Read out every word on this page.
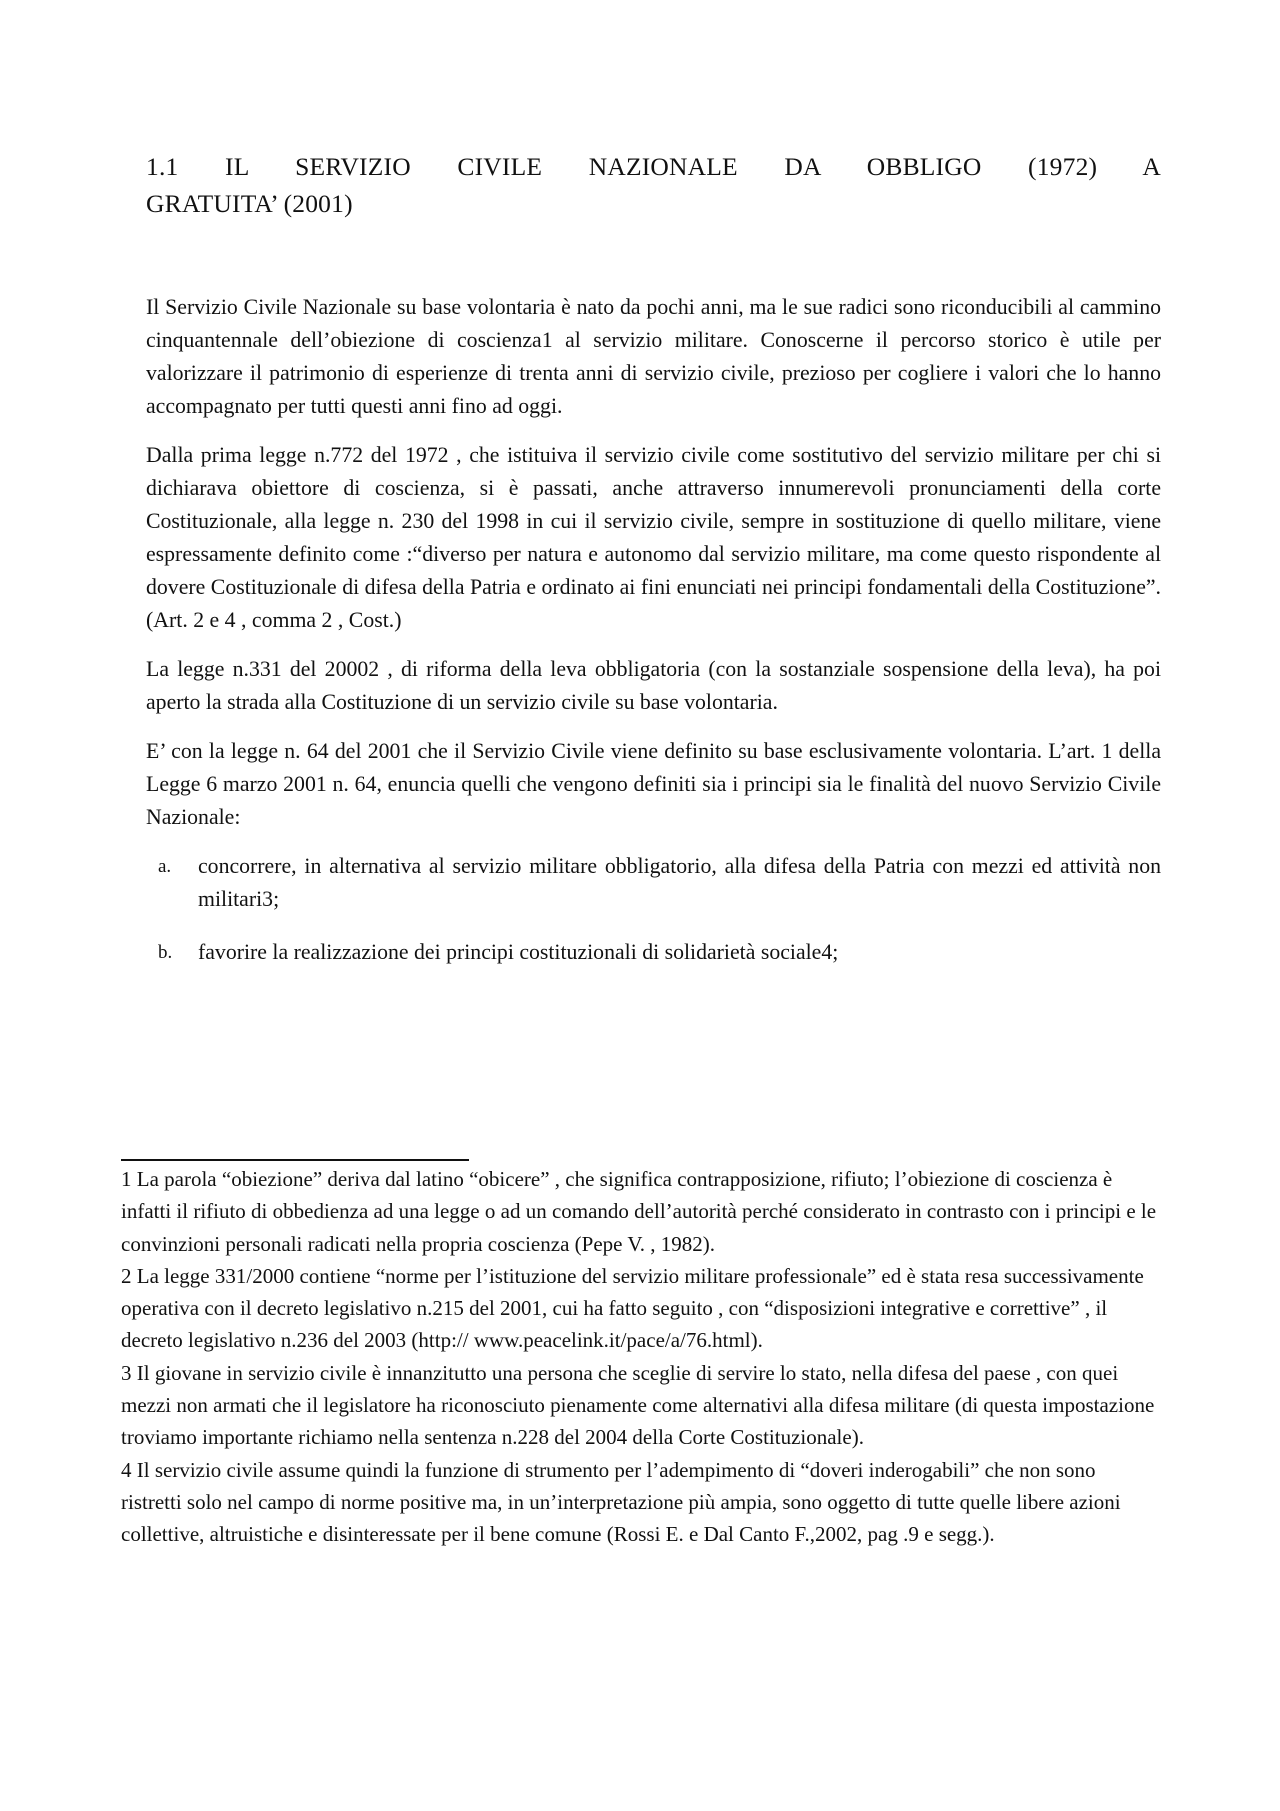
1.1 IL SERVIZIO CIVILE NAZIONALE DA OBBLIGO (1972) A
GRATUITA’ (2001)

Il Servizio Civile Nazionale su base volontaria è nato da pochi anni, ma le sue radici sono riconducibili al cammino cinquantennale dell’obiezione di coscienza1 al servizio militare. Conoscerne il percorso storico è utile per valorizzare il patrimonio di esperienze di trenta anni di servizio civile, prezioso per cogliere i valori che lo hanno accompagnato per tutti questi anni fino ad oggi.

Dalla prima legge n.772 del 1972 , che istituiva il servizio civile come sostitutivo del servizio militare per chi si dichiarava obiettore di coscienza, si è passati, anche attraverso innumerevoli pronunciamenti della corte Costituzionale, alla legge n. 230 del 1998 in cui il servizio civile, sempre in sostituzione di quello militare, viene espressamente definito come :“diverso per natura e autonomo dal servizio militare, ma come questo rispondente al dovere Costituzionale di difesa della Patria e ordinato ai fini enunciati nei principi fondamentali della Costituzione”. (Art. 2 e 4 , comma 2 , Cost.)

La legge n.331 del 20002 , di riforma della leva obbligatoria (con la sostanziale sospensione della leva), ha poi aperto la strada alla Costituzione di un servizio civile su base volontaria.

E’ con la legge n. 64 del 2001 che il Servizio Civile viene definito su base esclusivamente volontaria. L’art. 1 della Legge 6 marzo 2001 n. 64, enuncia quelli che vengono definiti sia i principi sia le finalità del nuovo Servizio Civile Nazionale:

a. concorrere, in alternativa al servizio militare obbligatorio, alla difesa della Patria con mezzi ed attività non militari3;
b. favorire la realizzazione dei principi costituzionali di solidarietà sociale4;

1 La parola “obiezione” deriva dal latino “obicere” , che significa contrapposizione, rifiuto; l’obiezione di coscienza è infatti il rifiuto di obbedienza ad una legge o ad un comando dell’autorità perché considerato in contrasto con i principi e le convinzioni personali radicati nella propria coscienza (Pepe V. , 1982).

2 La legge 331/2000 contiene “norme per l’istituzione del servizio militare professionale” ed è stata resa successivamente operativa con il decreto legislativo n.215 del 2001, cui ha fatto seguito , con “disposizioni integrative e correttive” , il decreto legislativo n.236 del 2003 (http:// www.peacelink.it/pace/a/76.html).

3 Il giovane in servizio civile è innanzitutto una persona che sceglie di servire lo stato, nella difesa del paese , con quei mezzi non armati che il legislatore ha riconosciuto pienamente come alternativi alla difesa militare (di questa impostazione troviamo importante richiamo nella sentenza n.228 del 2004 della Corte Costituzionale).

4 Il servizio civile assume quindi la funzione di strumento per l’adempimento di “doveri inderogabili” che non sono ristretti solo nel campo di norme positive ma, in un’interpretazione più ampia, sono oggetto di tutte quelle libere azioni collettive, altruistiche e disinteressate per il bene comune (Rossi E. e Dal Canto F.,2002, pag .9 e segg.).
